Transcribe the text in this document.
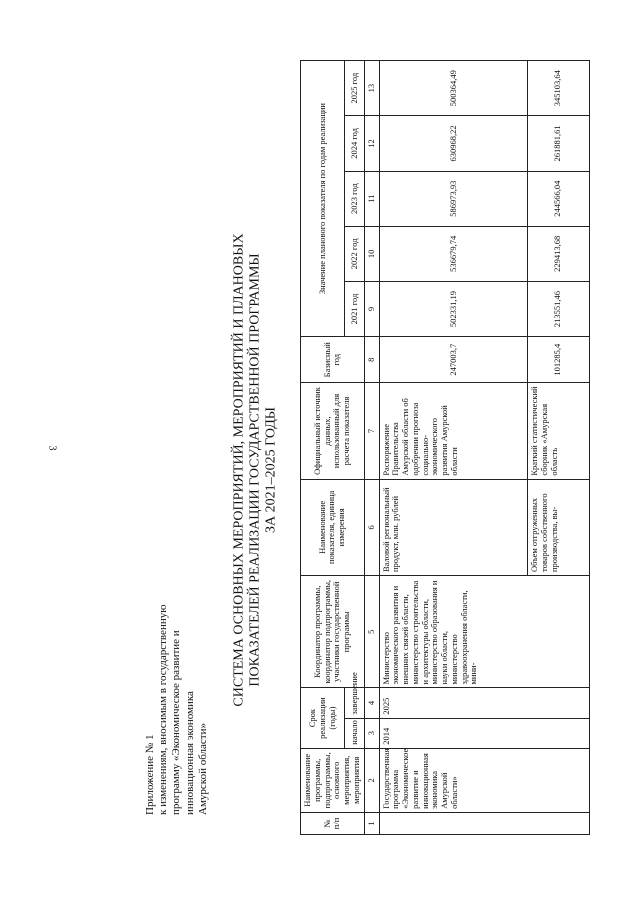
3
Приложение № 1 к изменениям, вносимым в государственную программу «Экономическое развитие и инновационная экономика Амурской области»
СИСТЕМА ОСНОВНЫХ МЕРОПРИЯТИЙ, МЕРОПРИЯТИЙ И ПЛАНОВЫХ ПОКАЗАТЕЛЕЙ РЕАЛИЗАЦИИ ГОСУДАРСТВЕННОЙ ПРОГРАММЫ ЗА 2021–2025 ГОДЫ
№ п/п	Наименование программы, подпрограммы, основного мероприятия, мероприятия	Срок реализации (годы)		Координатор программы, координатор подпрограммы, участники государственной программы	Наименование показателя, единица измерения	Официальный источник данных, использованный для расчета показателя	Базисный год	Значение планового показателя по годам реализации				
		начало	завершение					2021 год	2022 год	2023 год	2024 год	2025 год
1	2	3	4	5	6	7	8	9	10	11	12	13
	Государственная программа «Экономическое развитие и инновационная экономика Амурской области»	2014	2025	Министерство экономического развития и внешних связей области, министерство строительства и архитектуры области, министерство образования и науки области, министерство здравоохранения области, мини-	Валовой региональный продукт, млн. рублей	Распоряжение Правительства Амурской области об одобрении прогноза социально-экономического развития Амурской области	247003,7	502331,19	536679,74	586973,93	630968,22	500364,49
					Объем отгруженных товаров собственного производства, вы-	Краткий статистический сборник «Амурская область	101285,4	213551,46	229413,68	244566,04	261881,61	345103,64
